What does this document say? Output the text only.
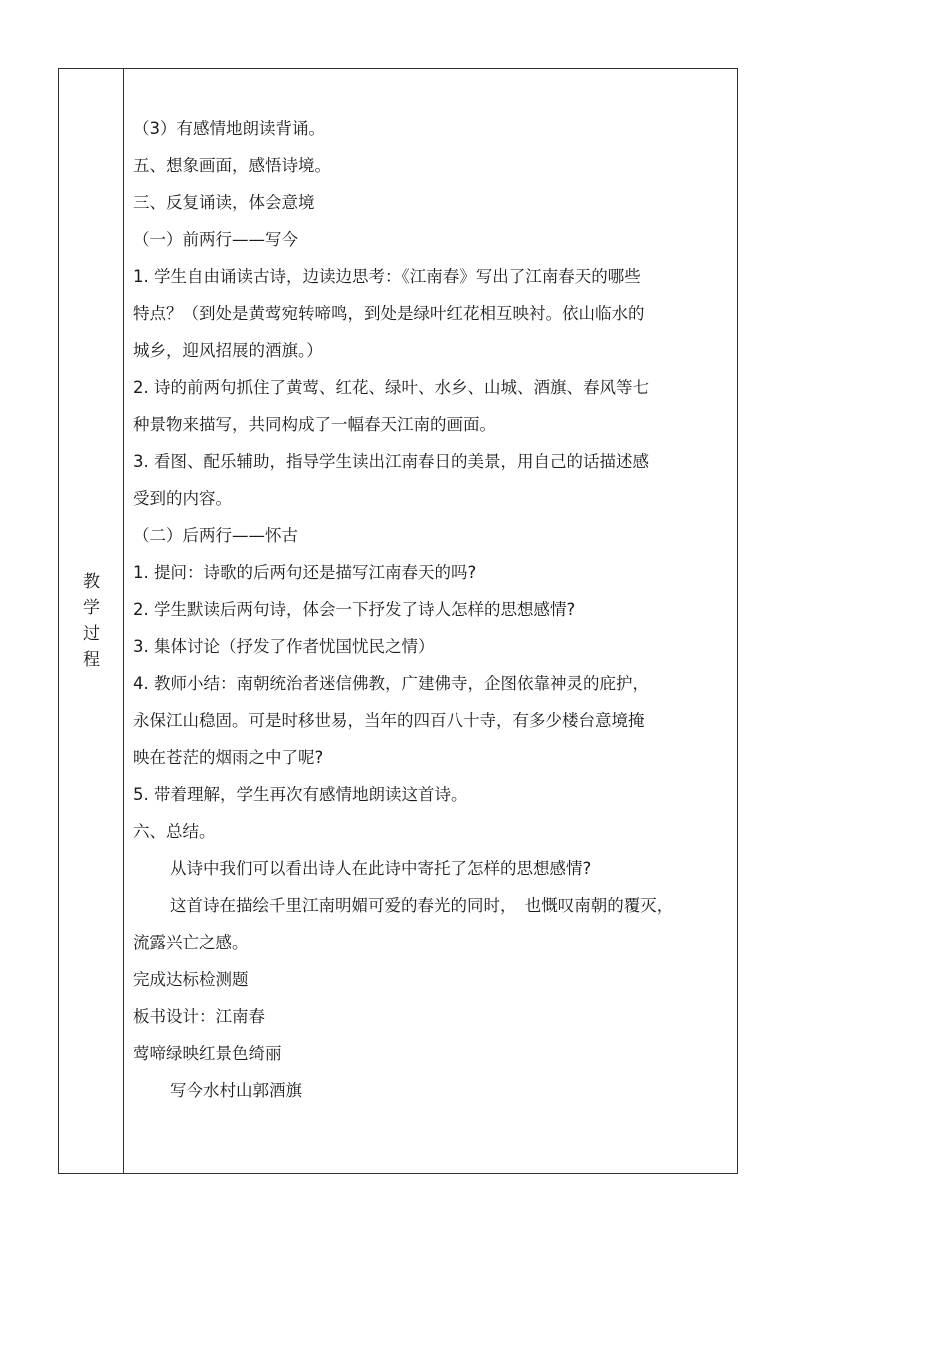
教
学
过
程
（3）有感情地朗读背诵。
五、想象画面，感悟诗境。
三、反复诵读，体会意境
（一）前两行——写今
1. 学生自由诵读古诗，边读边思考：《江南春》写出了江南春天的哪些
特点？（到处是黄莺宛转啼鸣，到处是绿叶红花相互映衬。依山临水的
城乡，迎风招展的酒旗。）
2. 诗的前两句抓住了黄莺、红花、绿叶、水乡、山城、酒旗、春风等七
种景物来描写，共同构成了一幅春天江南的画面。
3. 看图、配乐辅助，指导学生读出江南春日的美景，用自己的话描述感
受到的内容。
（二）后两行——怀古
1. 提问：诗歌的后两句还是描写江南春天的吗?
2. 学生默读后两句诗，体会一下抒发了诗人怎样的思想感情?
3. 集体讨论（抒发了作者忧国忧民之情）
4. 教师小结：南朝统治者迷信佛教，广建佛寺，企图依靠神灵的庇护，
永保江山稳固。可是时移世易，当年的四百八十寺，有多少楼台意境掩
映在苍茫的烟雨之中了呢?
5. 带着理解，学生再次有感情地朗读这首诗。
六、总结。
从诗中我们可以看出诗人在此诗中寄托了怎样的思想感情?
这首诗在描绘千里江南明媚可爱的春光的同时，　也慨叹南朝的覆灭，
流露兴亡之感。
完成达标检测题
板书设计：江南春
莺啼绿映红景色绮丽
写今水村山郭酒旗
